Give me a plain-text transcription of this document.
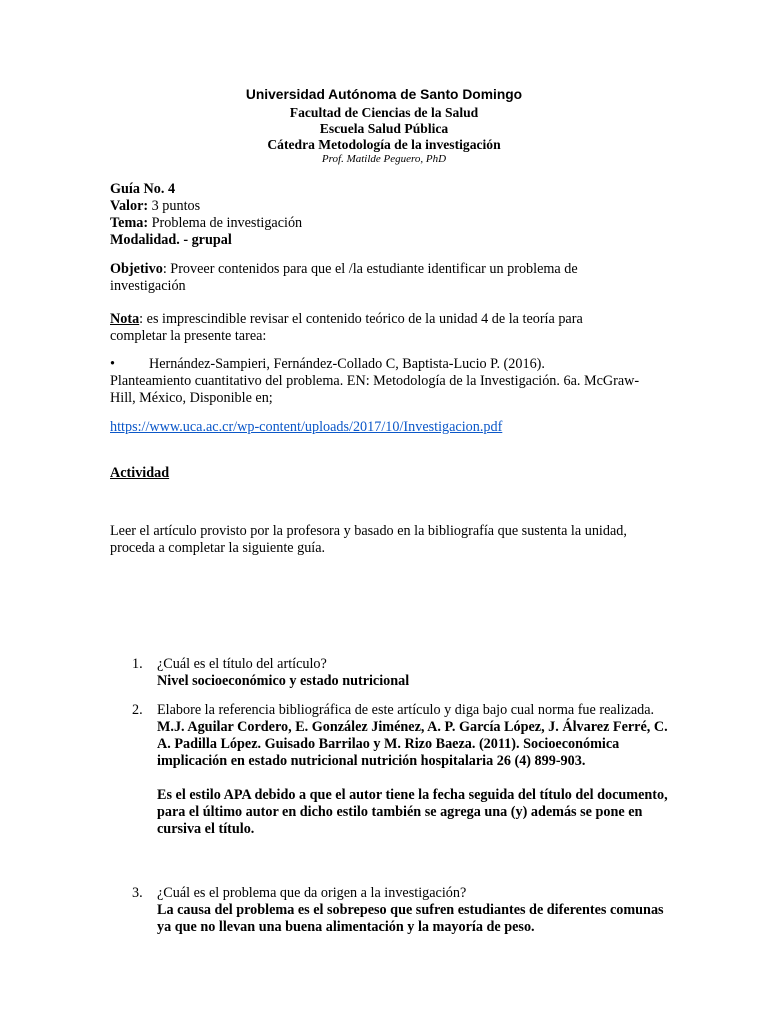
Universidad Autónoma de Santo Domingo
Facultad de Ciencias de la Salud
Escuela Salud Pública
Cátedra Metodología de la investigación
Prof. Matilde Peguero, PhD
Guía No. 4
Valor: 3 puntos
Tema: Problema de investigación
Modalidad. - grupal
Objetivo: Proveer contenidos para que el /la estudiante identificar un problema de investigación
Nota: es imprescindible revisar el contenido teórico de la unidad 4 de la teoría para completar la presente tarea:
• Hernández-Sampieri, Fernández-Collado C, Baptista-Lucio P. (2016).
Planteamiento cuantitativo del problema. EN: Metodología de la Investigación. 6a. McGraw-Hill, México, Disponible en;
https://www.uca.ac.cr/wp-content/uploads/2017/10/Investigacion.pdf
Actividad
Leer el artículo provisto por la profesora y basado en la bibliografía que sustenta la unidad, proceda a completar la siguiente guía.
1.	¿Cuál es el título del artículo?
Nivel socioeconómico y estado nutricional
2.	Elabore la referencia bibliográfica de este artículo y diga bajo cual norma fue realizada.
M.J. Aguilar Cordero, E. González Jiménez, A. P. García López, J. Álvarez Ferré, C. A. Padilla López. Guisado Barrilao y M. Rizo Baeza. (2011). Socioeconómica implicación en estado nutricional nutrición hospitalaria 26 (4) 899-903.
Es el estilo APA debido a que el autor tiene la fecha seguida del título del documento, para el último autor en dicho estilo también se agrega una (y) además se pone en cursiva el título.
3.	¿Cuál es el problema que da origen a la investigación?
La causa del problema es el sobrepeso que sufren estudiantes de diferentes comunas ya que no llevan una buena alimentación y la mayoría de peso.
